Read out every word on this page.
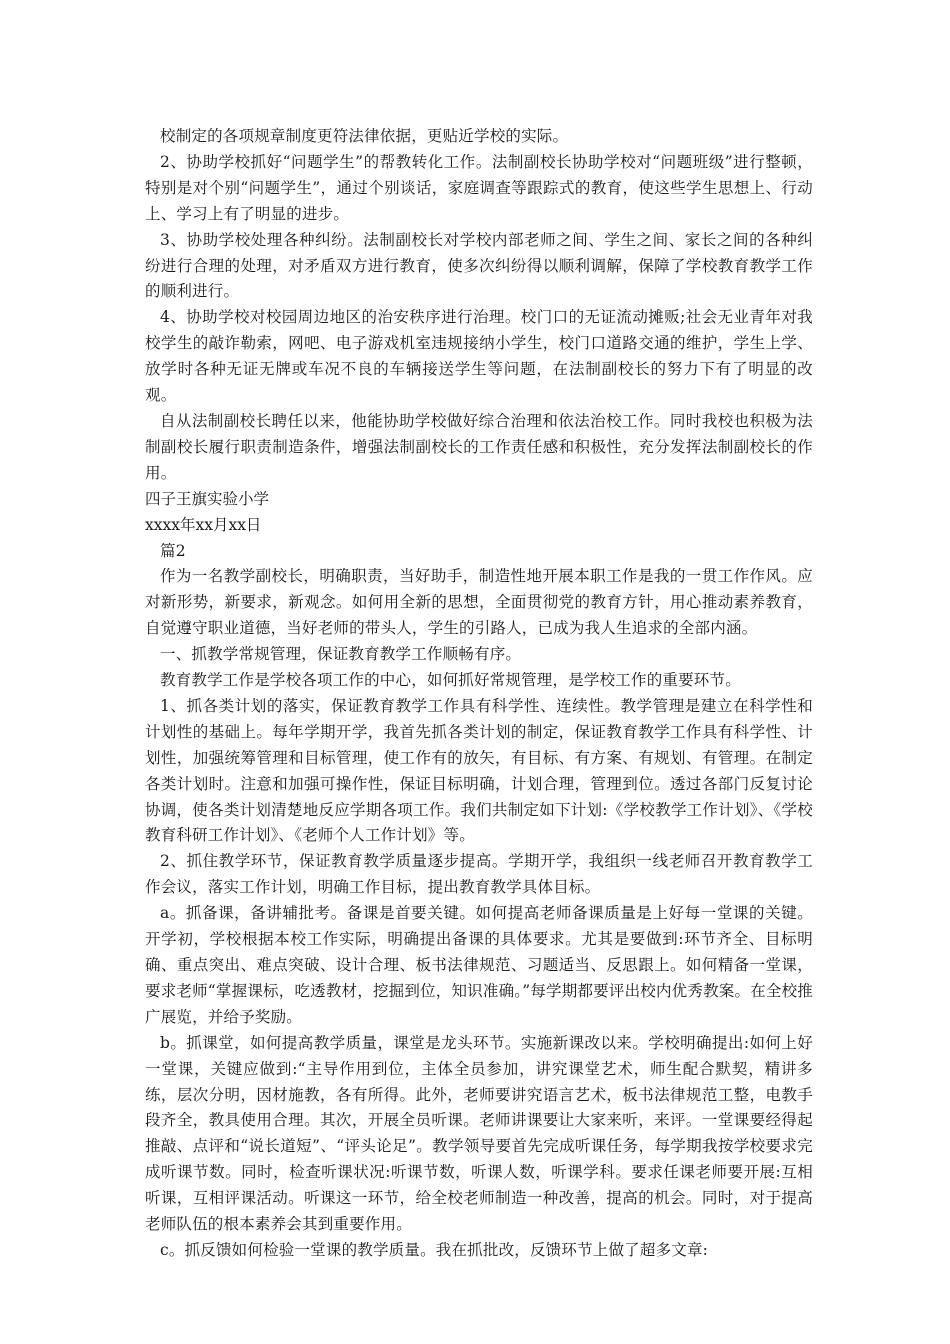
校制定的各项规章制度更符法律依据，更贴近学校的实际。

2、协助学校抓好“问题学生”的帮教转化工作。法制副校长协助学校对“问题班级”进行整顿，特别是对个别“问题学生”，通过个别谈话，家庭调查等跟踪式的教育，使这些学生思想上、行动上、学习上有了明显的进步。

3、协助学校处理各种纠纷。法制副校长对学校内部老师之间、学生之间、家长之间的各种纠纷进行合理的处理，对矛盾双方进行教育，使多次纠纷得以顺利调解，保障了学校教育教学工作的顺利进行。

4、协助学校对校园周边地区的治安秩序进行治理。校门口的无证流动摊贩;社会无业青年对我校学生的敲诈勒索，网吧、电子游戏机室违规接纳小学生，校门口道路交通的维护，学生上学、放学时各种无证无牌或车况不良的车辆接送学生等问题，在法制副校长的努力下有了明显的改观。

自从法制副校长聘任以来，他能协助学校做好综合治理和依法治校工作。同时我校也积极为法制副校长履行职责制造条件，增强法制副校长的工作责任感和积极性，充分发挥法制副校长的作用。

四子王旗实验小学

xxxx年xx月xx日

篇2

作为一名教学副校长，明确职责，当好助手，制造性地开展本职工作是我的一贯工作作风。应对新形势，新要求，新观念。如何用全新的思想，全面贯彻党的教育方针，用心推动素养教育，自觉遵守职业道德，当好老师的带头人，学生的引路人，已成为我人生追求的全部内涵。

一、抓教学常规管理，保证教育教学工作顺畅有序。

教育教学工作是学校各项工作的中心，如何抓好常规管理，是学校工作的重要环节。

1、抓各类计划的落实，保证教育教学工作具有科学性、连续性。教学管理是建立在科学性和计划性的基础上。每年学期开学，我首先抓各类计划的制定，保证教育教学工作具有科学性、计划性，加强统筹管理和目标管理，使工作有的放矢，有目标、有方案、有规划、有管理。在制定各类计划时。注意和加强可操作性，保证目标明确，计划合理，管理到位。透过各部门反复讨论协调，使各类计划清楚地反应学期各项工作。我们共制定如下计划:《学校教学工作计划》、《学校教育科研工作计划》、《老师个人工作计划》等。

2、抓住教学环节，保证教育教学质量逐步提高。学期开学，我组织一线老师召开教育教学工作会议，落实工作计划，明确工作目标，提出教育教学具体目标。

a。抓备课，备讲辅批考。备课是首要关键。如何提高老师备课质量是上好每一堂课的关键。开学初，学校根据本校工作实际，明确提出备课的具体要求。尤其是要做到:环节齐全、目标明确、重点突出、难点突破、设计合理、板书法律规范、习题适当、反思跟上。如何精备一堂课，要求老师“掌握课标，吃透教材，挖掘到位，知识准确。”每学期都要评出校内优秀教案。在全校推广展览，并给予奖励。

b。抓课堂，如何提高教学质量，课堂是龙头环节。实施新课改以来。学校明确提出:如何上好一堂课，关键应做到:“主导作用到位，主体全员参加，讲究课堂艺术，师生配合默契，精讲多练，层次分明，因材施教，各有所得。此外，老师要讲究语言艺术，板书法律规范工整，电教手段齐全，教具使用合理。其次，开展全员听课。老师讲课要让大家来听，来评。一堂课要经得起推敲、点评和“说长道短”、“评头论足”。教学领导要首先完成听课任务，每学期我按学校要求完成听课节数。同时，检查听课状况:听课节数，听课人数，听课学科。要求任课老师要开展:互相听课，互相评课活动。听课这一环节，给全校老师制造一种改善，提高的机会。同时，对于提高老师队伍的根本素养会其到重要作用。

c。抓反馈如何检验一堂课的教学质量。我在抓批改，反馈环节上做了超多文章:
